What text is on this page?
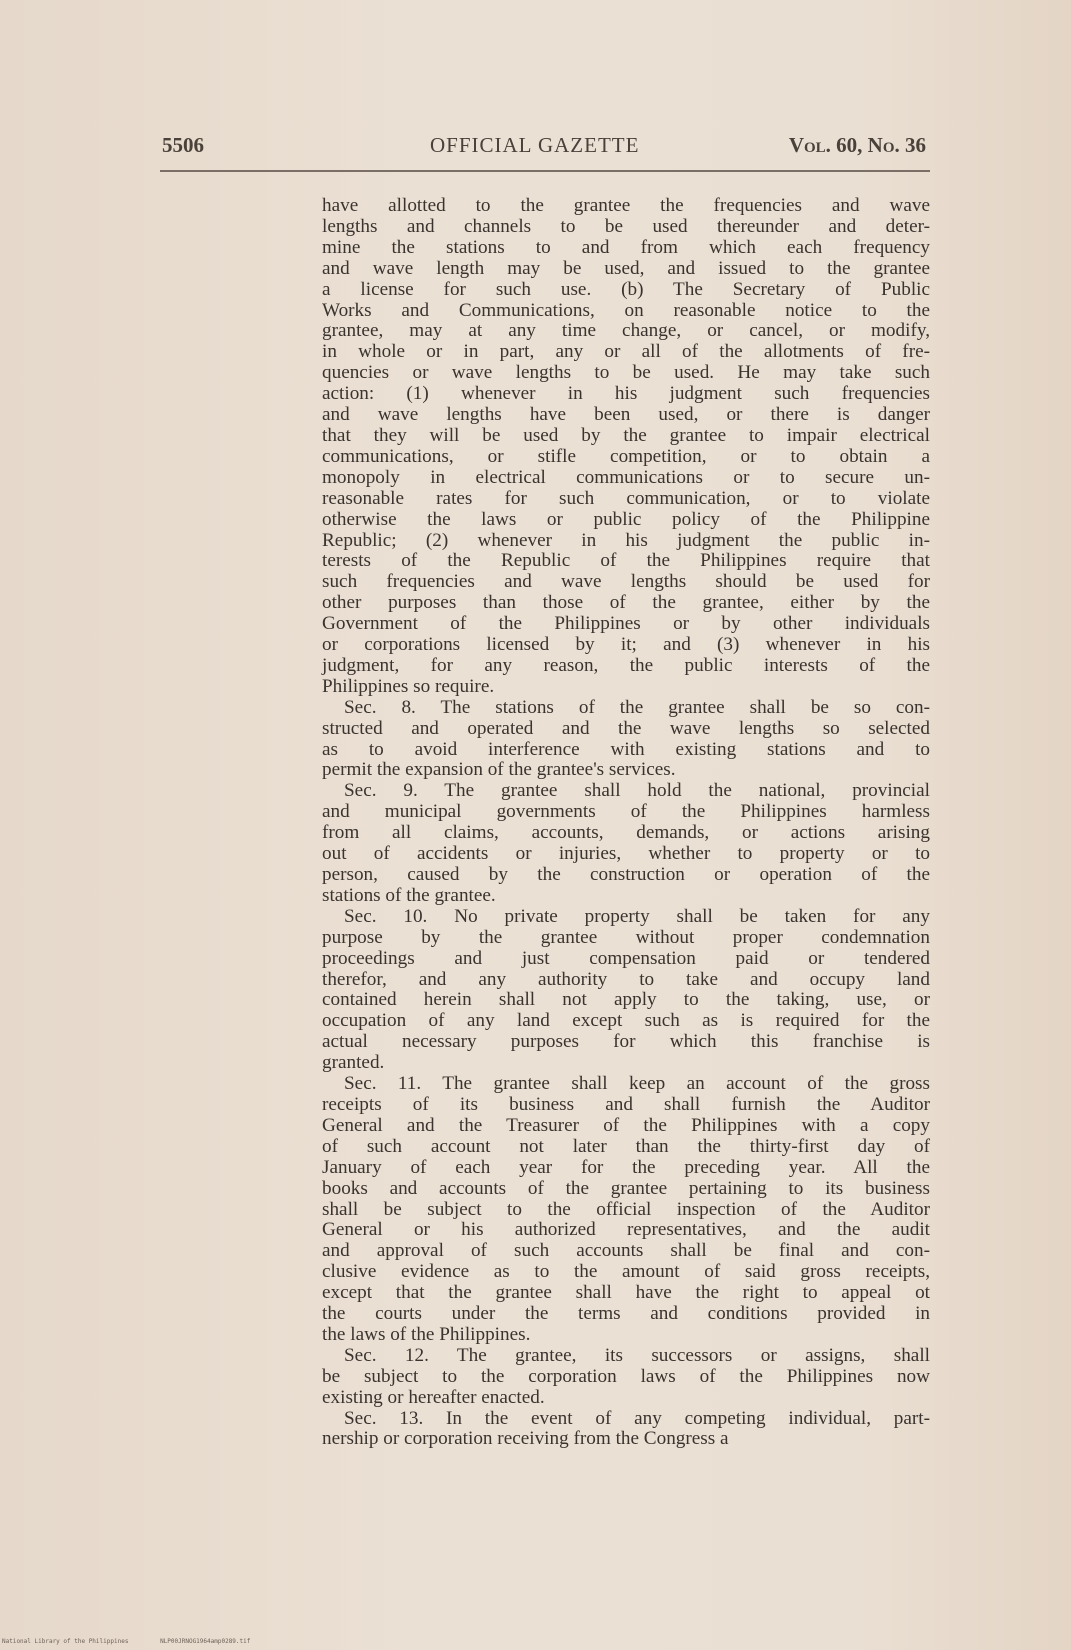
5506	OFFICIAL GAZETTE	Vol. 60, No. 36

have allotted to the grantee the frequencies and wave
lengths and channels to be used thereunder and deter-
mine the stations to and from which each frequency
and wave length may be used, and issued to the grantee
a license for such use. (b) The Secretary of Public
Works and Communications, on reasonable notice to the
grantee, may at any time change, or cancel, or modify,
in whole or in part, any or all of the allotments of fre-
quencies or wave lengths to be used. He may take such
action: (1) whenever in his judgment such frequencies
and wave lengths have been used, or there is danger
that they will be used by the grantee to impair electrical
communications, or stifle competition, or to obtain a
monopoly in electrical communications or to secure un-
reasonable rates for such communication, or to violate
otherwise the laws or public policy of the Philippine
Republic; (2) whenever in his judgment the public in-
terests of the Republic of the Philippines require that
such frequencies and wave lengths should be used for
other purposes than those of the grantee, either by the
Government of the Philippines or by other individuals
or corporations licensed by it; and (3) whenever in his
judgment, for any reason, the public interests of the
Philippines so require.

Sec. 8. The stations of the grantee shall be so con-
structed and operated and the wave lengths so selected
as to avoid interference with existing stations and to
permit the expansion of the grantee's services.

Sec. 9. The grantee shall hold the national, provincial
and municipal governments of the Philippines harmless
from all claims, accounts, demands, or actions arising
out of accidents or injuries, whether to property or to
person, caused by the construction or operation of the
stations of the grantee.

Sec. 10. No private property shall be taken for any
purpose by the grantee without proper condemnation
proceedings and just compensation paid or tendered
therefor, and any authority to take and occupy land
contained herein shall not apply to the taking, use, or
occupation of any land except such as is required for the
actual necessary purposes for which this franchise is
granted.

Sec. 11. The grantee shall keep an account of the gross
receipts of its business and shall furnish the Auditor
General and the Treasurer of the Philippines with a copy
of such account not later than the thirty-first day of
January of each year for the preceding year. All the
books and accounts of the grantee pertaining to its business
shall be subject to the official inspection of the Auditor
General or his authorized representatives, and the audit
and approval of such accounts shall be final and con-
clusive evidence as to the amount of said gross receipts,
except that the grantee shall have the right to appeal ot
the courts under the terms and conditions provided in
the laws of the Philippines.

Sec. 12. The grantee, its successors or assigns, shall
be subject to the corporation laws of the Philippines now
existing or hereafter enacted.

Sec. 13. In the event of any competing individual, part-
nership or corporation receiving from the Congress a

National Library of the Philippines	NLP00JRNOG1964amp0289.tif
